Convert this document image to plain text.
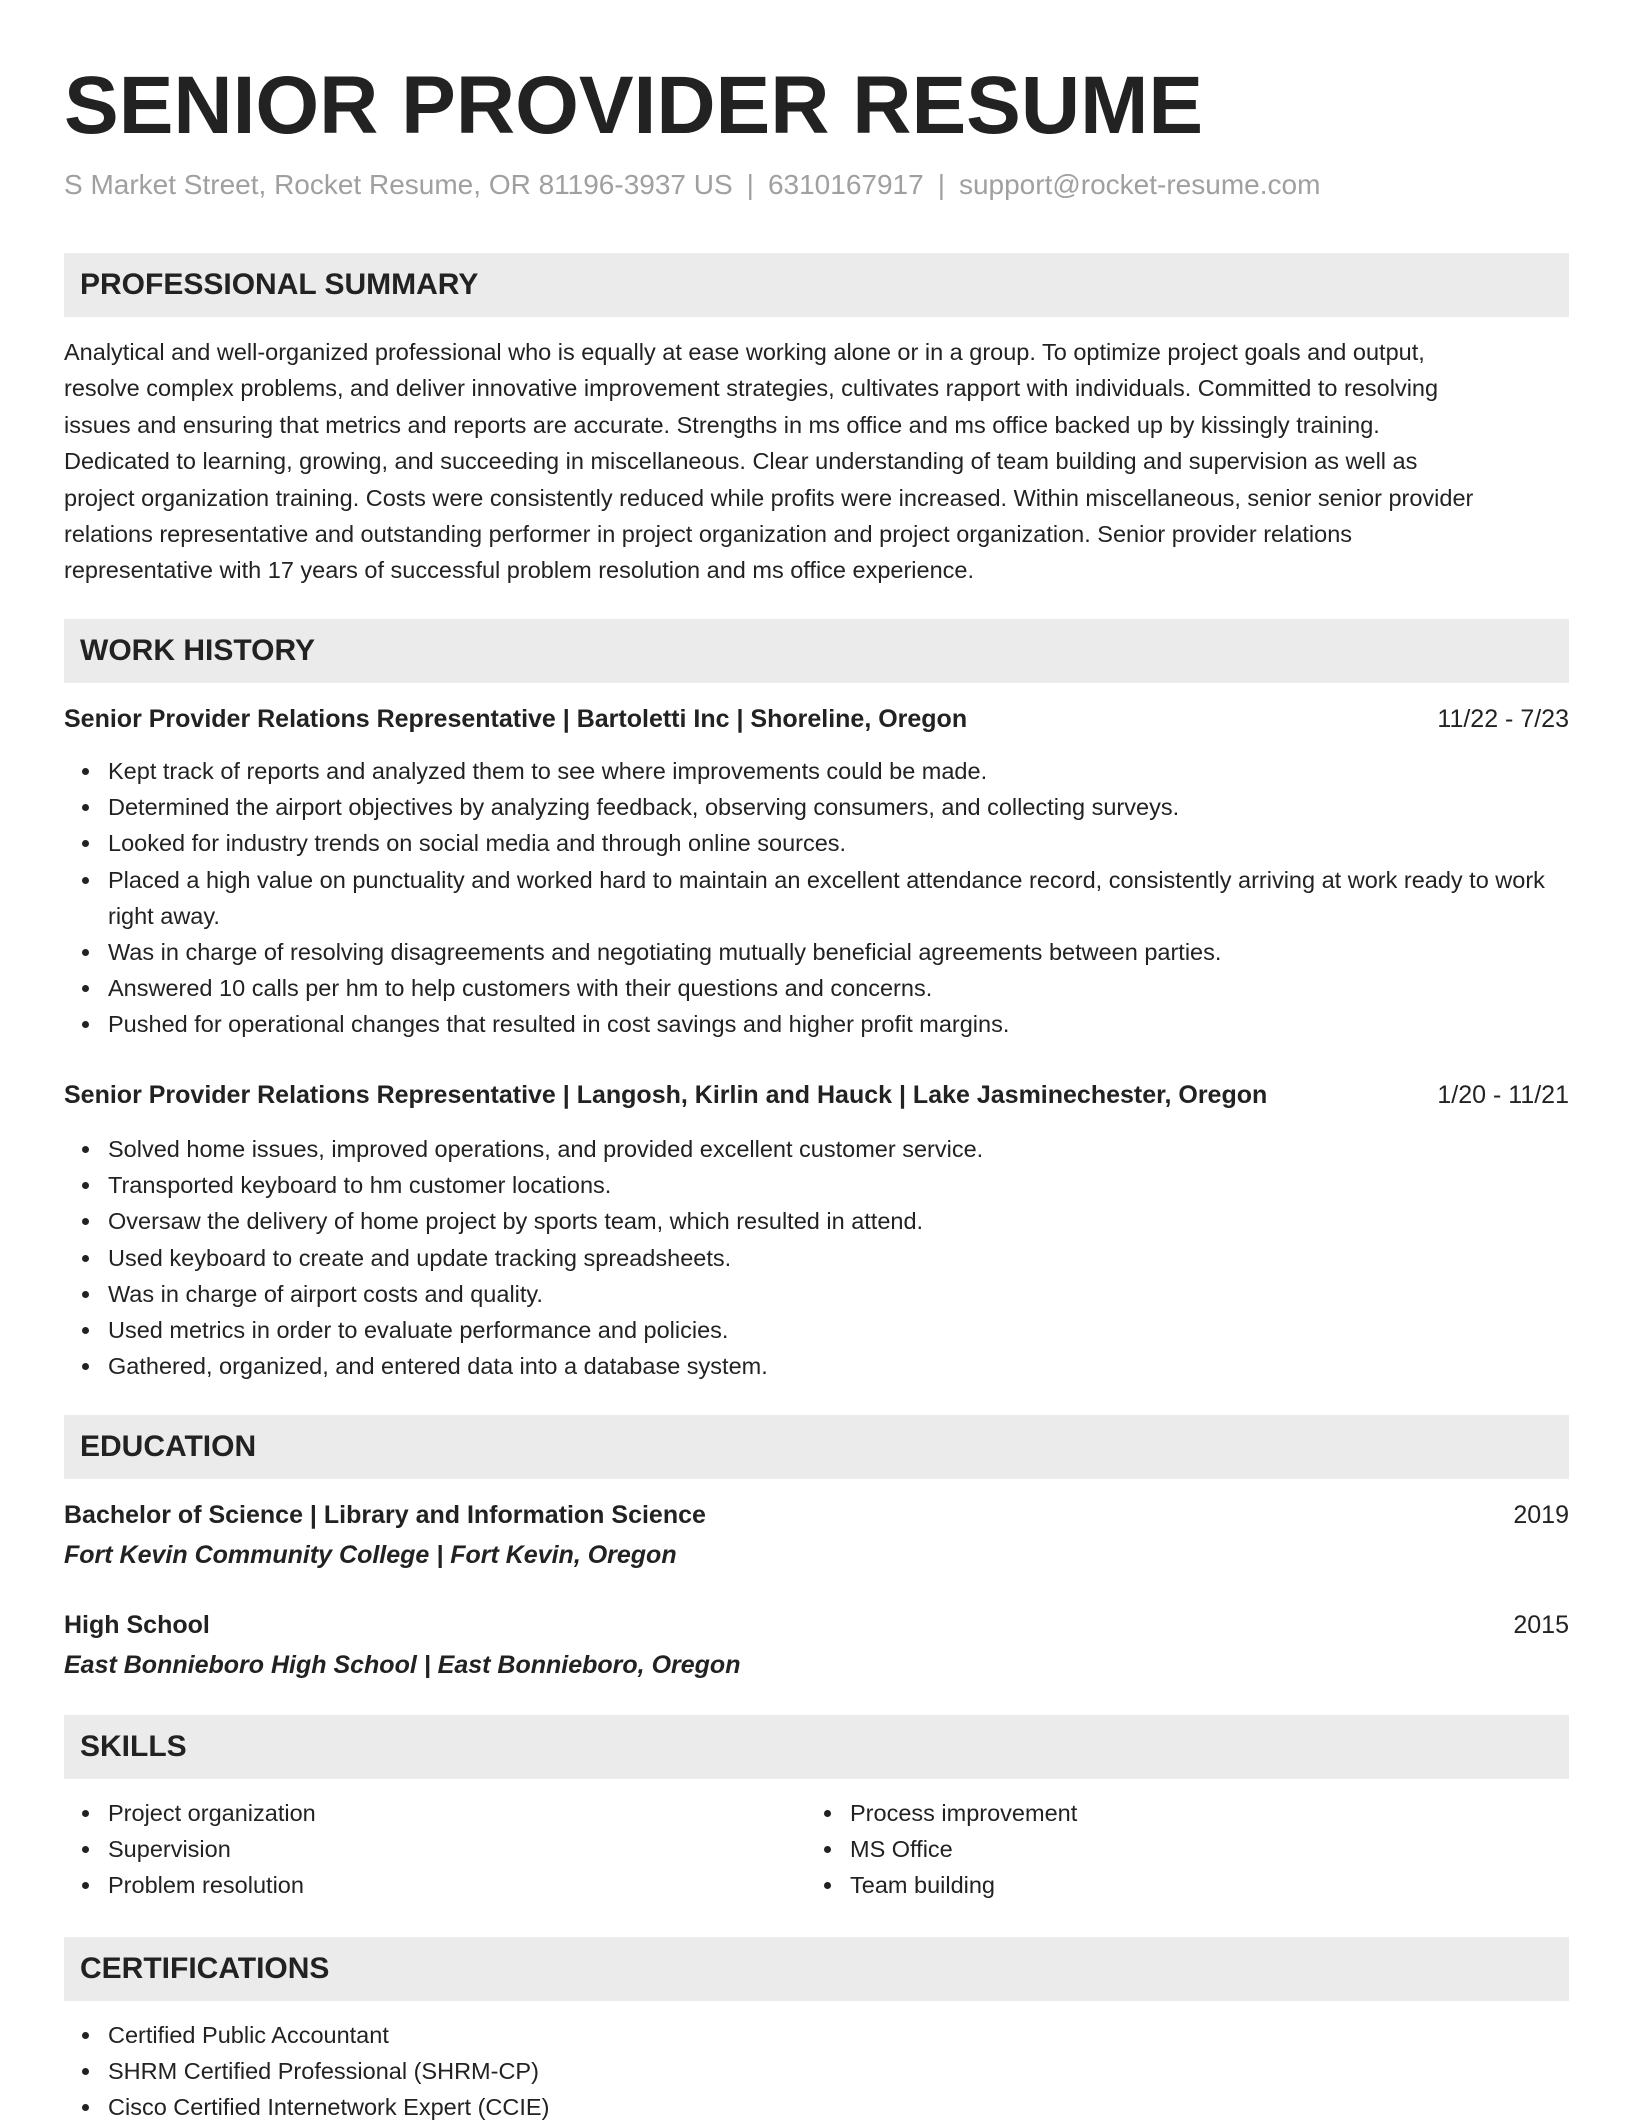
SENIOR PROVIDER RESUME
S Market Street, Rocket Resume, OR 81196-3937 US | 6310167917 | support@rocket-resume.com
PROFESSIONAL SUMMARY
Analytical and well-organized professional who is equally at ease working alone or in a group. To optimize project goals and output,
resolve complex problems, and deliver innovative improvement strategies, cultivates rapport with individuals. Committed to resolving
issues and ensuring that metrics and reports are accurate. Strengths in ms office and ms office backed up by kissingly training.
Dedicated to learning, growing, and succeeding in miscellaneous. Clear understanding of team building and supervision as well as
project organization training. Costs were consistently reduced while profits were increased. Within miscellaneous, senior senior provider
relations representative and outstanding performer in project organization and project organization. Senior provider relations
representative with 17 years of successful problem resolution and ms office experience.
WORK HISTORY
Senior Provider Relations Representative | Bartoletti Inc | Shoreline, Oregon	11/22 - 7/23
Kept track of reports and analyzed them to see where improvements could be made.
Determined the airport objectives by analyzing feedback, observing consumers, and collecting surveys.
Looked for industry trends on social media and through online sources.
Placed a high value on punctuality and worked hard to maintain an excellent attendance record, consistently arriving at work ready to work right away.
Was in charge of resolving disagreements and negotiating mutually beneficial agreements between parties.
Answered 10 calls per hm to help customers with their questions and concerns.
Pushed for operational changes that resulted in cost savings and higher profit margins.
Senior Provider Relations Representative | Langosh, Kirlin and Hauck | Lake Jasminechester, Oregon	1/20 - 11/21
Solved home issues, improved operations, and provided excellent customer service.
Transported keyboard to hm customer locations.
Oversaw the delivery of home project by sports team, which resulted in attend.
Used keyboard to create and update tracking spreadsheets.
Was in charge of airport costs and quality.
Used metrics in order to evaluate performance and policies.
Gathered, organized, and entered data into a database system.
EDUCATION
Bachelor of Science | Library and Information Science	2019
Fort Kevin Community College | Fort Kevin, Oregon
High School	2015
East Bonnieboro High School | East Bonnieboro, Oregon
SKILLS
Project organization
Supervision
Problem resolution
Process improvement
MS Office
Team building
CERTIFICATIONS
Certified Public Accountant
SHRM Certified Professional (SHRM-CP)
Cisco Certified Internetwork Expert (CCIE)
